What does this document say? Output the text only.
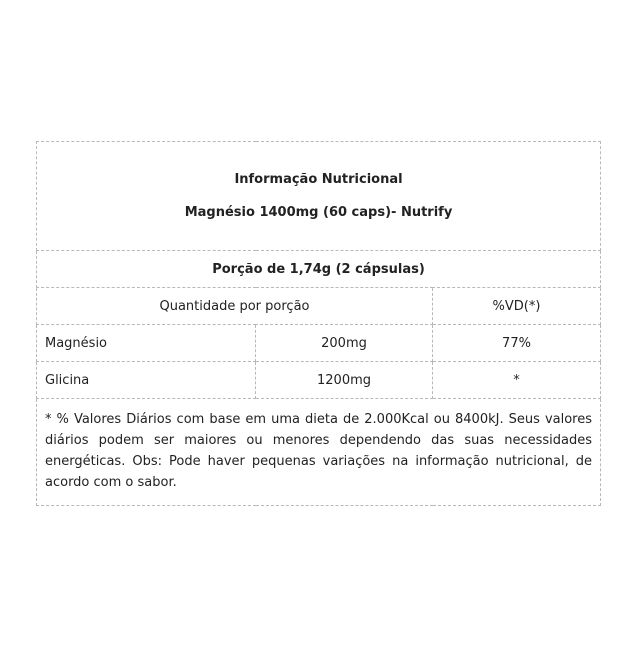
Informação Nutricional
Magnésio 1400mg (60 caps)- Nutrify		

Porção de 1,74g (2 cápsulas)		
Quantidade por porção		%VD(*)
Magnésio	200mg	77%
Glicina	1200mg	*
* % Valores Diários com base em uma dieta de 2.000Kcal ou 8400kJ. Seus valores diários podem ser maiores ou menores dependendo das suas necessidades energéticas. Obs: Pode haver pequenas variações na informação nutricional, de acordo com o sabor.		
